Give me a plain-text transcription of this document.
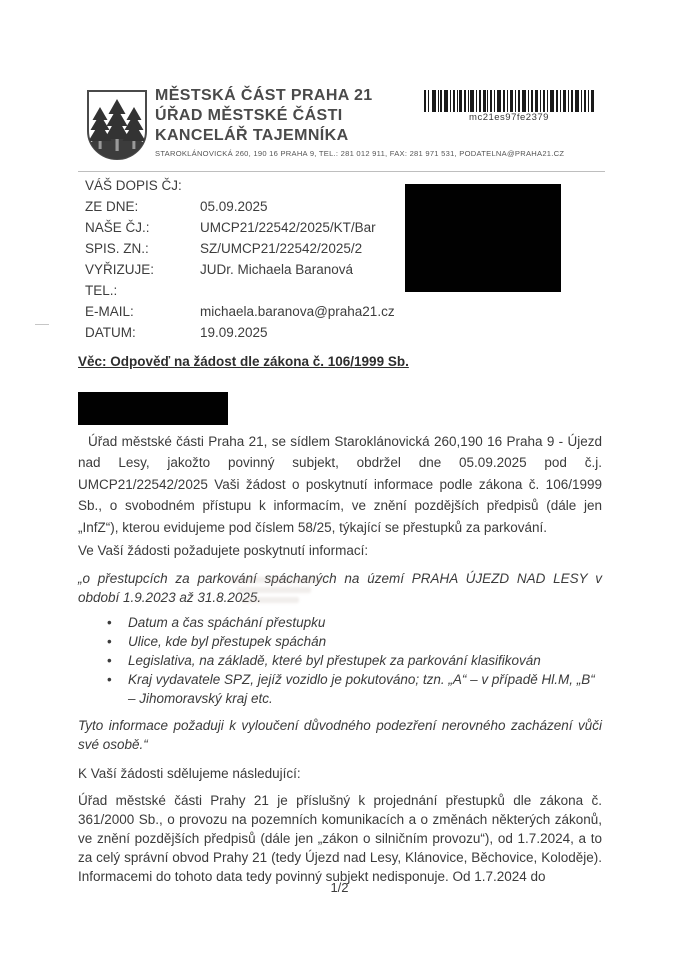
MĚSTSKÁ ČÁST PRAHA 21
ÚŘAD MĚSTSKÉ ČÁSTI
KANCELÁŘ TAJEMNÍKA
STAROKLÁNOVICKÁ 260, 190 16 PRAHA 9, TEL.: 281 012 911, FAX: 281 971 531, PODATELNA@PRAHA21.CZ
mc21es97fe2379
VÁŠ DOPIS ČJ:
ZE DNE:	05.09.2025
NAŠE ČJ.:	UMCP21/22542/2025/KT/Bar
SPIS. ZN.:	SZ/UMCP21/22542/2025/2
VYŘIZUJE:	JUDr. Michaela Baranová
TEL.:
E-MAIL:	michaela.baranova@praha21.cz
DATUM:	19.09.2025
Věc: Odpověď na žádost dle zákona č. 106/1999 Sb.

Úřad městské části Praha 21, se sídlem Staroklánovická 260,190 16 Praha 9 - Újezd nad Lesy, jakožto povinný subjekt, obdržel dne 05.09.2025 pod č.j. UMCP21/22542/2025 Vaši žádost o poskytnutí informace podle zákona č. 106/1999 Sb., o svobodném přístupu k informacím, ve znění pozdějších předpisů (dále jen „InfZ“), kterou evidujeme pod číslem 58/25, týkající se přestupků za parkování.

Ve Vaší žádosti požadujete poskytnutí informací:

„o přestupcích za parkování spáchaných na území PRAHA ÚJEZD NAD LESY v období 1.9.2023 až 31.8.2025.

• Datum a čas spáchání přestupku
• Ulice, kde byl přestupek spáchán
• Legislativa, na základě, které byl přestupek za parkování klasifikován
• Kraj vydavatele SPZ, jejíž vozidlo je pokutováno; tzn. „A“ – v případě Hl.M, „B“ – Jihomoravský kraj etc.

Tyto informace požaduji k vyloučení důvodného podezření nerovného zacházení vůči své osobě.“

K Vaší žádosti sdělujeme následující:

Úřad městské části Prahy 21 je příslušný k projednání přestupků dle zákona č. 361/2000 Sb., o provozu na pozemních komunikacích a o změnách některých zákonů, ve znění pozdějších předpisů (dále jen „zákon o silničním provozu“), od 1.7.2024, a to za celý správní obvod Prahy 21 (tedy Újezd nad Lesy, Klánovice, Běchovice, Koloděje). Informacemi do tohoto data tedy povinný subjekt nedisponuje. Od 1.7.2024 do

1/2
